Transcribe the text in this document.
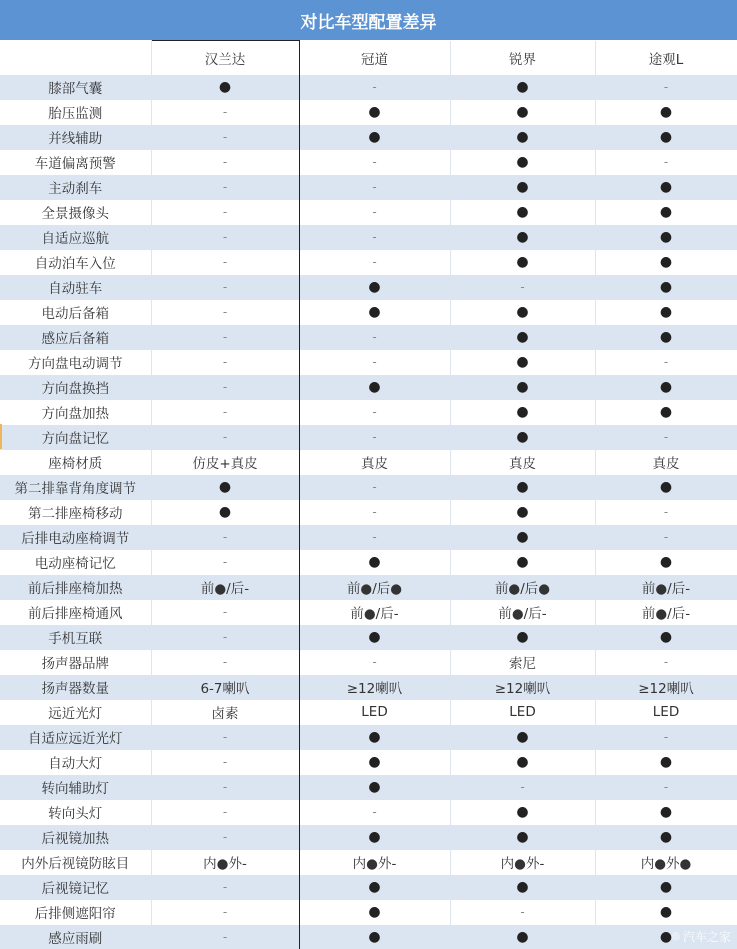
对比车型配置差异
	汉兰达	冠道	锐界	途观L
膝部气囊	●	-	●	-
胎压监测	-	●	●	●
并线辅助	-	●	●	●
车道偏离预警	-	-	●	-
主动刹车	-	-	●	●
全景摄像头	-	-	●	●
自适应巡航	-	-	●	●
自动泊车入位	-	-	●	●
自动驻车	-	●	-	●
电动后备箱	-	●	●	●
感应后备箱	-	-	●	●
方向盘电动调节	-	-	●	-
方向盘换挡	-	●	●	●
方向盘加热	-	-	●	●
方向盘记忆	-	-	●	-
座椅材质	仿皮+真皮	真皮	真皮	真皮
第二排靠背角度调节	●	-	●	●
第二排座椅移动	●	-	●	-
后排电动座椅调节	-	-	●	-
电动座椅记忆	-	●	●	●
前后排座椅加热	前●/后-	前●/后●	前●/后●	前●/后-
前后排座椅通风	-	前●/后-	前●/后-	前●/后-
手机互联	-	●	●	●
扬声器品牌	-	-	索尼	-
扬声器数量	6-7喇叭	≥12喇叭	≥12喇叭	≥12喇叭
远近光灯	卤素	LED	LED	LED
自适应远近光灯	-	●	●	-
自动大灯	-	●	●	●
转向辅助灯	-	●	-	-
转向头灯	-	-	●	●
后视镜加热	-	●	●	●
内外后视镜防眩目	内●外-	内●外-	内●外-	内●外●
后视镜记忆	-	●	●	●
后排侧遮阳帘	-	●	-	●
感应雨刷	-	●	●	● ◎ 汽车之家
